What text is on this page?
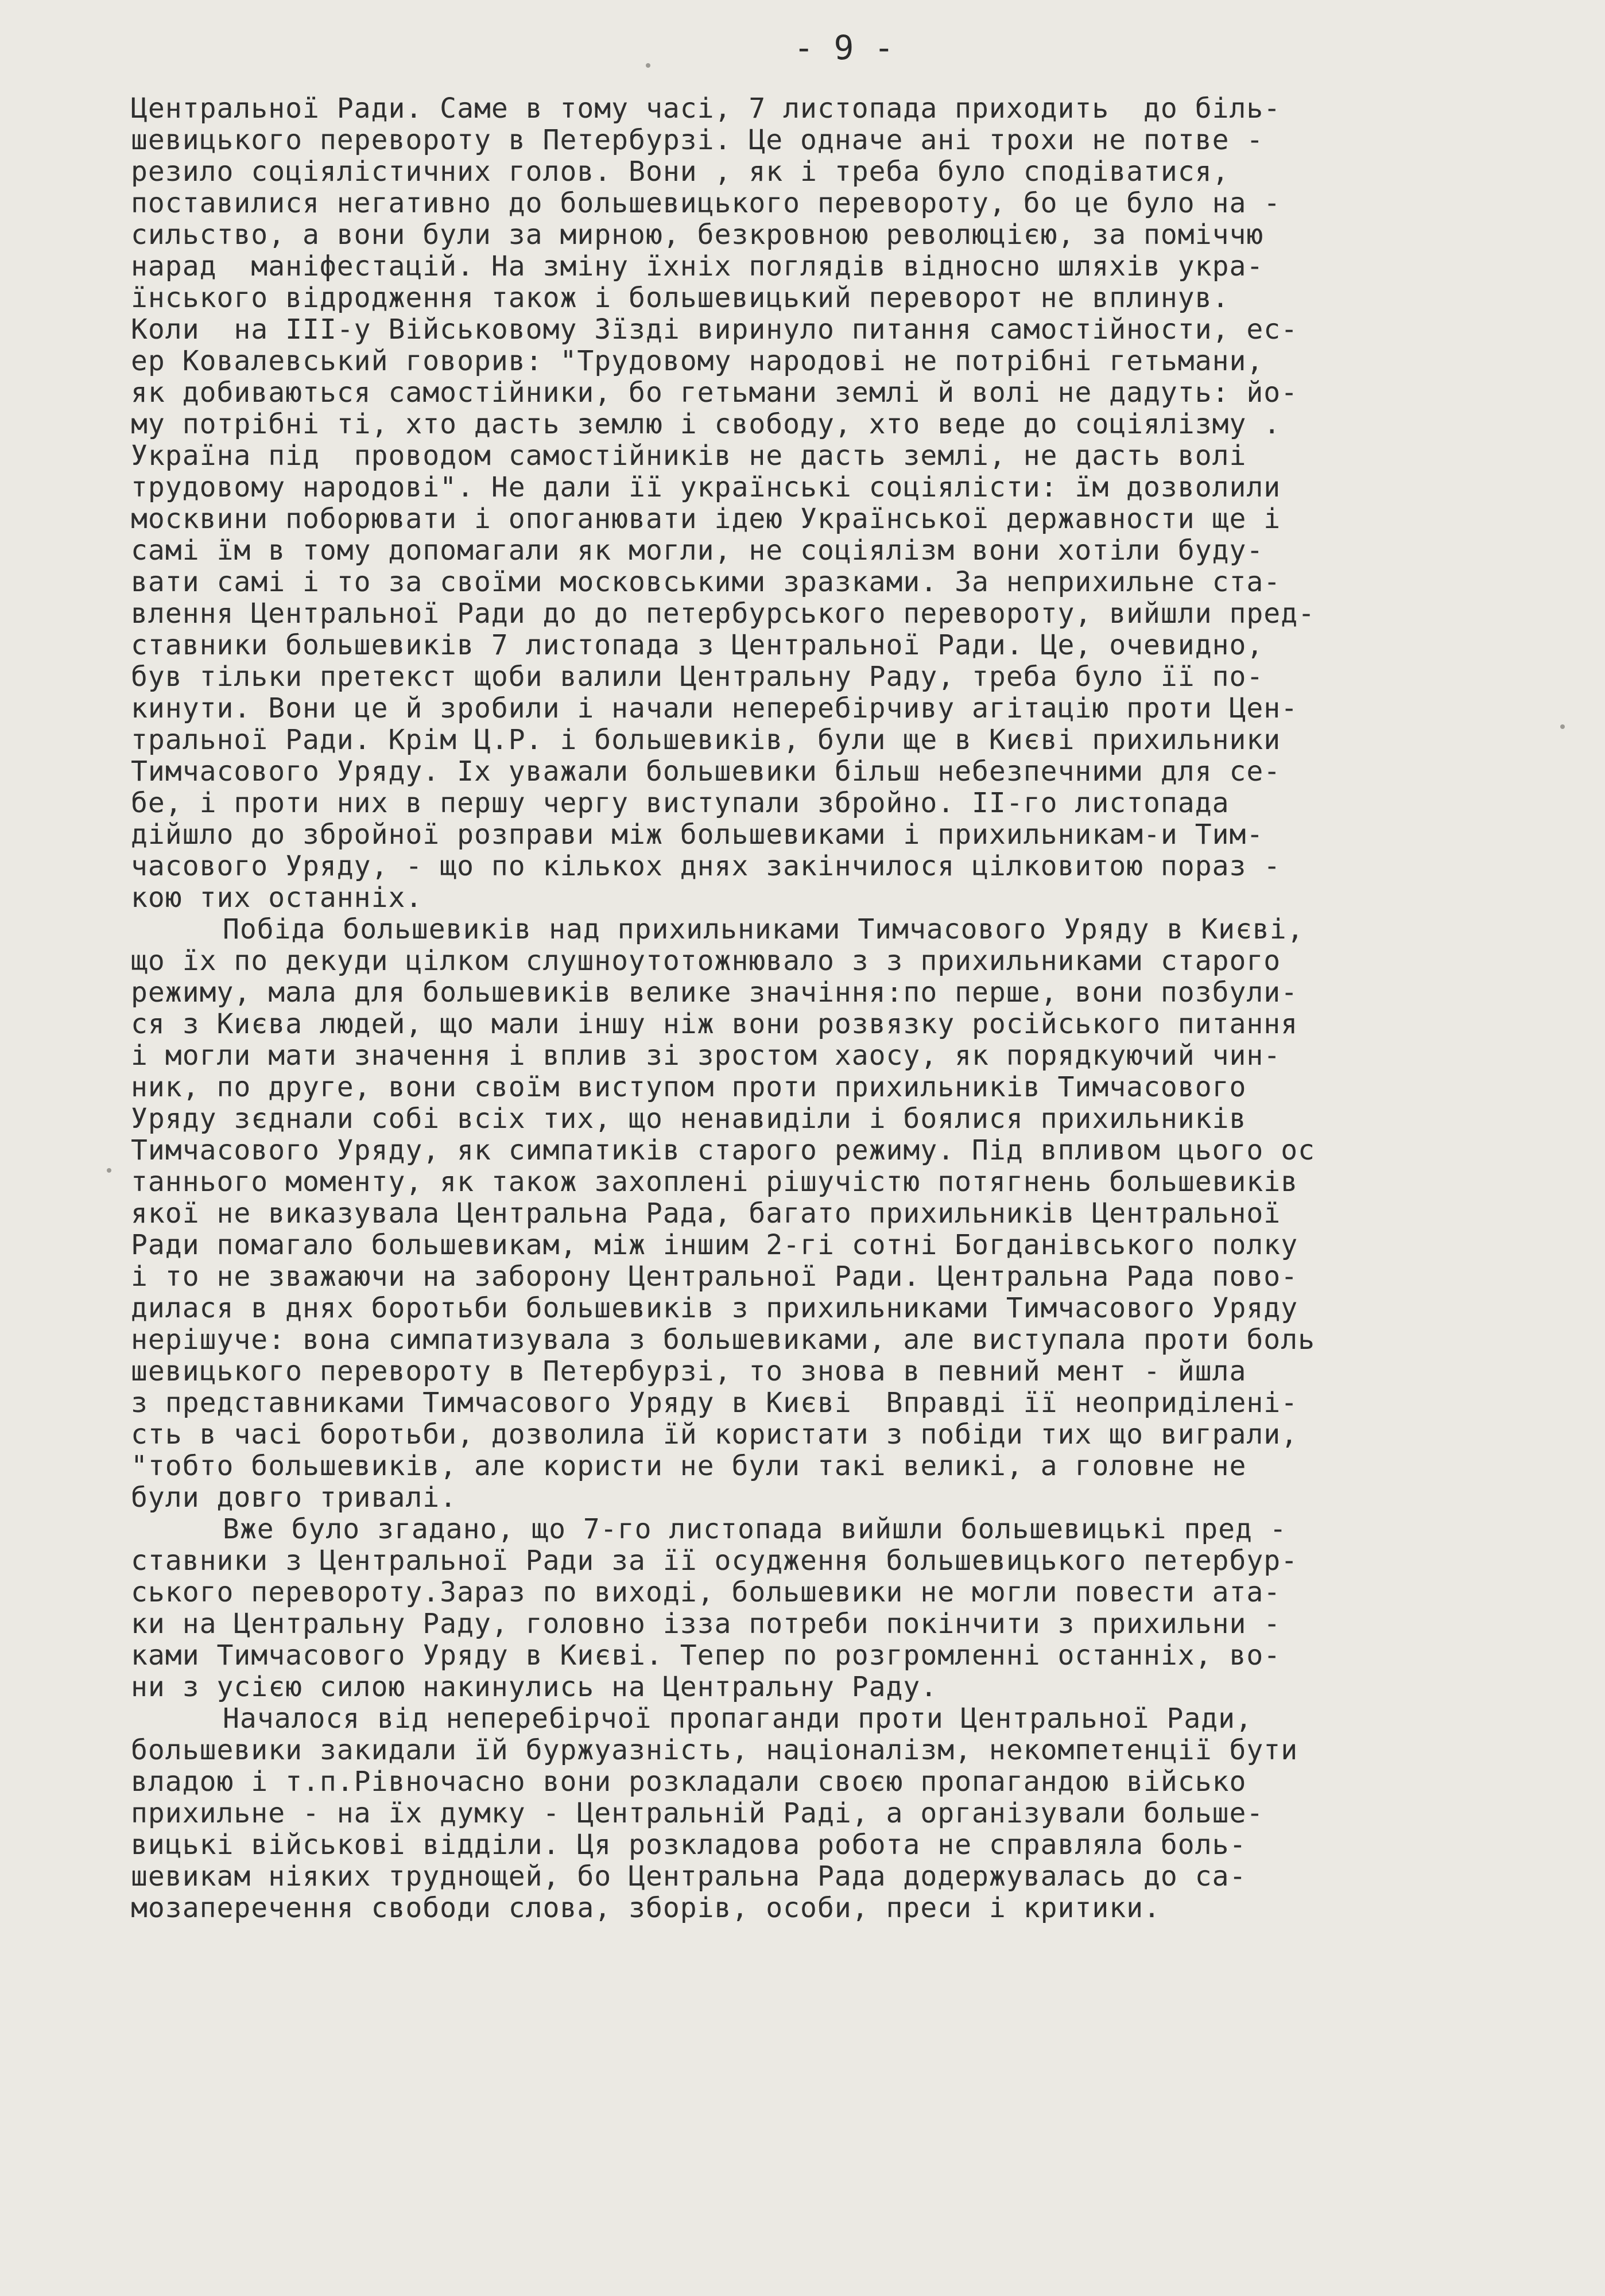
- 9 -
Центральної Ради. Саме в тому часі, 7 листопада приходить  до біль-
шевицького перевороту в Петербурзі. Це одначе ані трохи не потве -
резило соціялістичних голов. Вони , як і треба було сподіватися,
поставилися негативно до большевицького перевороту, бо це було на -
сильство, а вони були за мирною, безкровною революцією, за поміччю
нарад  маніфестацій. На зміну їхніх поглядів відносно шляхів укра-
їнського відродження також і большевицький переворот не вплинув.
Коли  на ІІІ-у Військовому Зїзді виринуло питання самостійности, ес-
ер Ковалевський говорив: "Трудовому народові не потрібні гетьмани,
як добиваються самостійники, бо гетьмани землі й волі не дадуть: йо-
му потрібні ті, хто дасть землю і свободу, хто веде до соціялізму .
Україна під  проводом самостійників не дасть землі, не дасть волі
трудовому народові". Не дали її українські соціялісти: їм дозволили
москвини поборювати і опоганювати ідею Української державности ще і
самі їм в тому допомагали як могли, не соціялізм вони хотіли буду-
вати самі і то за своїми московськими зразками. За неприхильне ста-
влення Центральної Ради до до петербурського перевороту, вийшли пред-
ставники большевиків 7 листопада з Центральної Ради. Це, очевидно,
був тільки претекст щоби валили Центральну Раду, треба було її по-
кинути. Вони це й зробили і начали неперебірчиву агітацію проти Цен-
тральної Ради. Крім Ц.Р. і большевиків, були ще в Києві прихильники
Тимчасового Уряду. Іх уважали большевики більш небезпечними для се-
бе, і проти них в першу чергу виступали збройно. ІІ-го листопада
дійшло до збройної розправи між большевиками і прихильникам-и Тим-
часового Уряду, - що по кількох днях закінчилося цілковитою пораз -
кою тих останніх.
Побіда большевиків над прихильниками Тимчасового Уряду в Києві,
що їх по декуди цілком слушноутотожнювало з з прихильниками старого
режиму, мала для большевиків велике значіння:по перше, вони позбули-
ся з Києва людей, що мали іншу ніж вони розвязку російського питання
і могли мати значення і вплив зі зростом хаосу, як порядкуючий чин-
ник, по друге, вони своїм виступом проти прихильників Тимчасового
Уряду зєднали собі всіх тих, що ненавиділи і боялися прихильників
Тимчасового Уряду, як симпатиків старого режиму. Під впливом цього ос
таннього моменту, як також захоплені рішучістю потягнень большевиків
якої не виказувала Центральна Рада, багато прихильників Центральної
Ради помагало большевикам, між іншим 2-гі сотні Богданівського полку
і то не зважаючи на заборону Центральної Ради. Центральна Рада пово-
дилася в днях боротьби большевиків з прихильниками Тимчасового Уряду
нерішуче: вона симпатизувала з большевиками, але виступала проти боль
шевицького перевороту в Петербурзі, то знова в певний мент - йшла
з представниками Тимчасового Уряду в Києві  Вправді її неоприділені-
сть в часі боротьби, дозволила їй користати з побіди тих що виграли,
"тобто большевиків, але користи не були такі великі, а головне не
були довго тривалі.
Вже було згадано, що 7-го листопада вийшли большевицькі пред -
ставники з Центральної Ради за її осудження большевицького петербур-
ського перевороту.Зараз по виході, большевики не могли повести ата-
ки на Центральну Раду, головно ізза потреби покінчити з прихильни -
ками Тимчасового Уряду в Києві. Тепер по розгромленні останніх, во-
ни з усією силою накинулись на Центральну Раду.
Началося від неперебірчої пропаганди проти Центральної Ради,
большевики закидали їй буржуазність, націоналізм, некомпетенції бути
владою і т.п.Рівночасно вони розкладали своєю пропагандою військо
прихильне - на їх думку - Центральній Раді, а організували больше-
вицькі військові відділи. Ця розкладова робота не справляла боль-
шевикам ніяких труднощей, бо Центральна Рада додержувалась до са-
мозаперечення свободи слова, зборів, особи, преси і критики.
